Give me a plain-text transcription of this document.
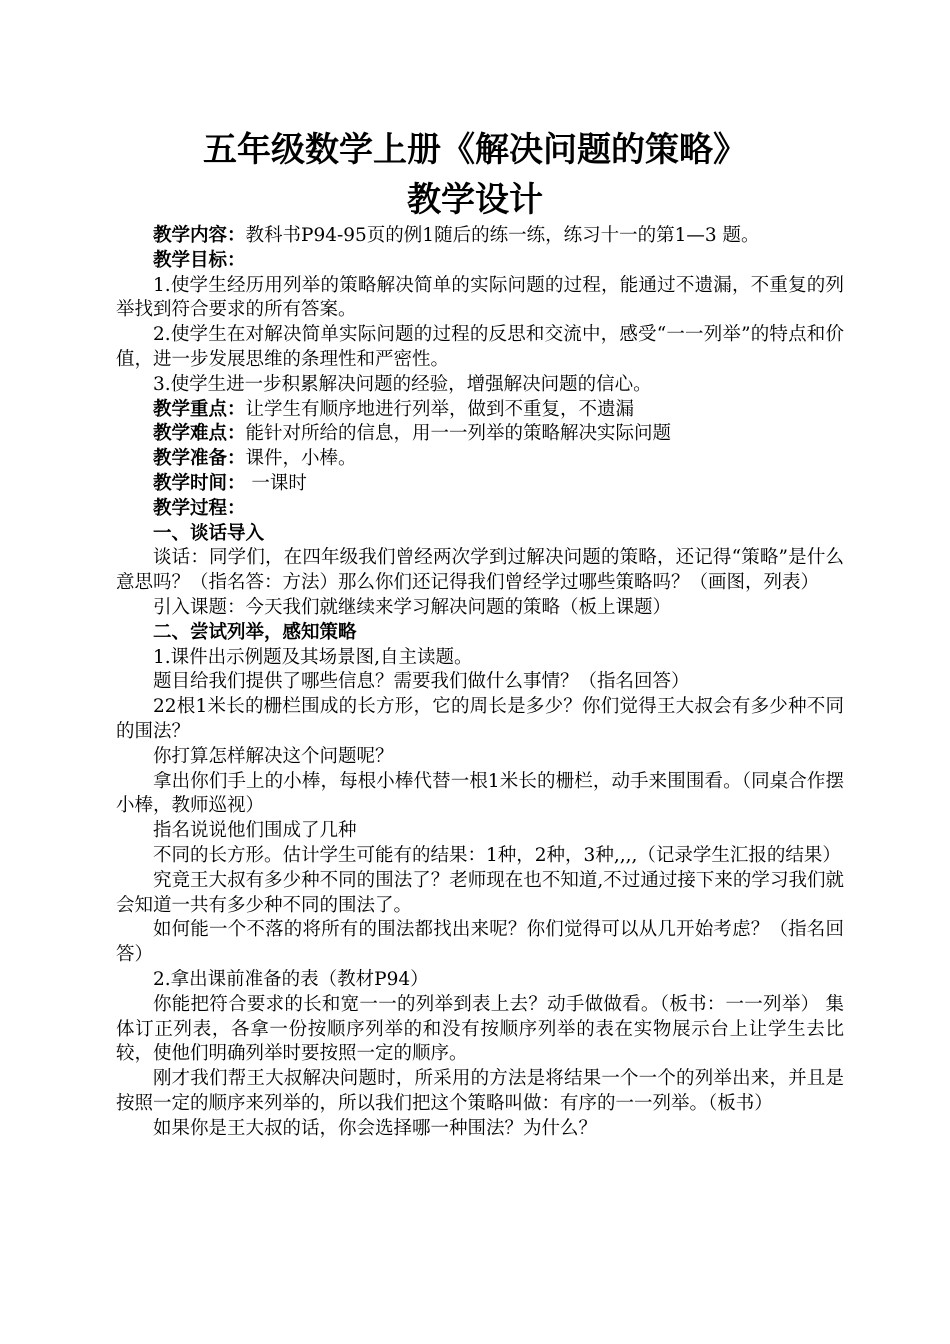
五年级数学上册《解决问题的策略》
教学设计

教学内容：教科书P94-95页的例1随后的练一练，练习十一的第1—3 题。

教学目标：

1.使学生经历用列举的策略解决简单的实际问题的过程，能通过不遗漏，不重复的列举找到符合要求的所有答案。

2.使学生在对解决简单实际问题的过程的反思和交流中，感受“一一列举”的特点和价值，进一步发展思维的条理性和严密性。

3.使学生进一步积累解决问题的经验，增强解决问题的信心。

教学重点：让学生有顺序地进行列举，做到不重复，不遗漏

教学难点：能针对所给的信息，用一一列举的策略解决实际问题

教学准备：课件，小棒。

教学时间： 一课时

教学过程：

一、谈话导入

谈话：同学们，在四年级我们曾经两次学到过解决问题的策略，还记得“策略”是什么意思吗？（指名答：方法）那么你们还记得我们曾经学过哪些策略吗？（画图，列表）

引入课题：今天我们就继续来学习解决问题的策略（板上课题）

二、尝试列举，感知策略

1.课件出示例题及其场景图,自主读题。

题目给我们提供了哪些信息？需要我们做什么事情？（指名回答）

22根1米长的栅栏围成的长方形，它的周长是多少？你们觉得王大叔会有多少种不同的围法？

你打算怎样解决这个问题呢？

拿出你们手上的小棒，每根小棒代替一根1米长的栅栏，动手来围围看。（同桌合作摆小棒，教师巡视）

指名说说他们围成了几种

不同的长方形。估计学生可能有的结果：1种，2种，3种,,,,（记录学生汇报的结果）

究竟王大叔有多少种不同的围法了？老师现在也不知道,不过通过接下来的学习我们就会知道一共有多少种不同的围法了。

如何能一个不落的将所有的围法都找出来呢？你们觉得可以从几开始考虑？（指名回答）

2.拿出课前准备的表（教材P94）

你能把符合要求的长和宽一一的列举到表上去？动手做做看。（板书：一一列举） 集体订正列表，各拿一份按顺序列举的和没有按顺序列举的表在实物展示台上让学生去比较，使他们明确列举时要按照一定的顺序。

刚才我们帮王大叔解决问题时，所采用的方法是将结果一个一个的列举出来，并且是按照一定的顺序来列举的，所以我们把这个策略叫做：有序的一一列举。（板书）

如果你是王大叔的话，你会选择哪一种围法？为什么？
